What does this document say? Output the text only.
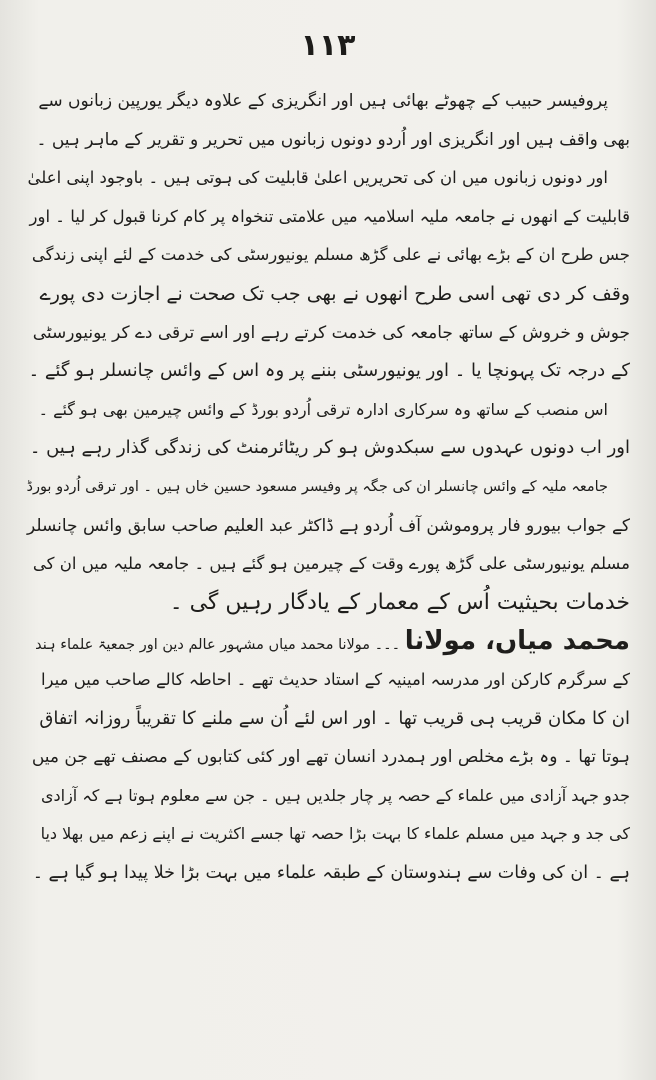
۱۱۳
پروفیسر حبیب کے چھوٹے بھائی ہیں اور انگریزی کے علاوہ دیگر یورپین زبانوں سے
بھی واقف ہیں اور انگریزی اور اُردو دونوں زبانوں میں تحریر و تقریر کے ماہر ہیں ۔
اور دونوں زبانوں میں ان کی تحریریں اعلیٰ قابلیت کی ہوتی ہیں ۔ باوجود اپنی اعلیٰ
قابلیت کے انھوں نے جامعہ ملیہ اسلامیہ میں علامتی تنخواہ پر کام کرنا قبول کر لیا ۔ اور
جس طرح ان کے بڑے بھائی نے علی گڑھ مسلم یونیورسٹی کی خدمت کے لئے اپنی زندگی
وقف کر دی تھی اسی طرح انھوں نے بھی جب تک صحت نے اجازت دی پورے
جوش و خروش کے ساتھ جامعہ کی خدمت کرتے رہے اور اسے ترقی دے کر یونیورسٹی
کے درجہ تک پہونچا یا ۔ اور یونیورسٹی بننے پر وہ اس کے وائس چانسلر ہو گئے ۔
اس منصب کے ساتھ وہ سرکاری ادارہ ترقی اُردو بورڈ کے وائس چیرمین بھی ہو گئے ۔
اور اب دونوں عہدوں سے سبکدوش ہو کر ریٹائرمنٹ کی زندگی گذار رہے ہیں ۔
جامعہ ملیہ کے وائس چانسلر ان کی جگہ پر وفیسر مسعود حسین خاں ہیں ۔ اور ترقی اُردو بورڈ
کے جواب بیورو فار پروموشن آف اُردو ہے ڈاکٹر عبد العلیم صاحب سابق وائس چانسلر
مسلم یونیورسٹی علی گڑھ پورے وقت کے چیرمین ہو گئے ہیں ۔ جامعہ ملیہ میں ان کی
خدمات بحیثیت اُس کے معمار کے یادگار رہیں گی ۔
محمد میاں، مولانا ۔۔۔ مولانا محمد میاں مشہور عالم دین اور جمعیۃ علماء ہند
کے سرگرم کارکن اور مدرسہ امینیہ کے استاد حدیث تھے ۔ احاطہ کالے صاحب میں میرا
ان کا مکان قریب ہی قریب تھا ۔ اور اس لئے اُن سے ملنے کا تقریباً روزانہ اتفاق
ہوتا تھا ۔ وہ بڑے مخلص اور ہمدرد انسان تھے اور کئی کتابوں کے مصنف تھے جن میں
جدو جہد آزادی میں علماء کے حصہ پر چار جلدیں ہیں ۔ جن سے معلوم ہوتا ہے کہ آزادی
کی جد و جہد میں مسلم علماء کا بہت بڑا حصہ تھا جسے اکثریت نے اپنے زعم میں بھلا دیا
ہے ۔ ان کی وفات سے ہندوستان کے طبقہ علماء میں بہت بڑا خلا پیدا ہو گیا ہے ۔
